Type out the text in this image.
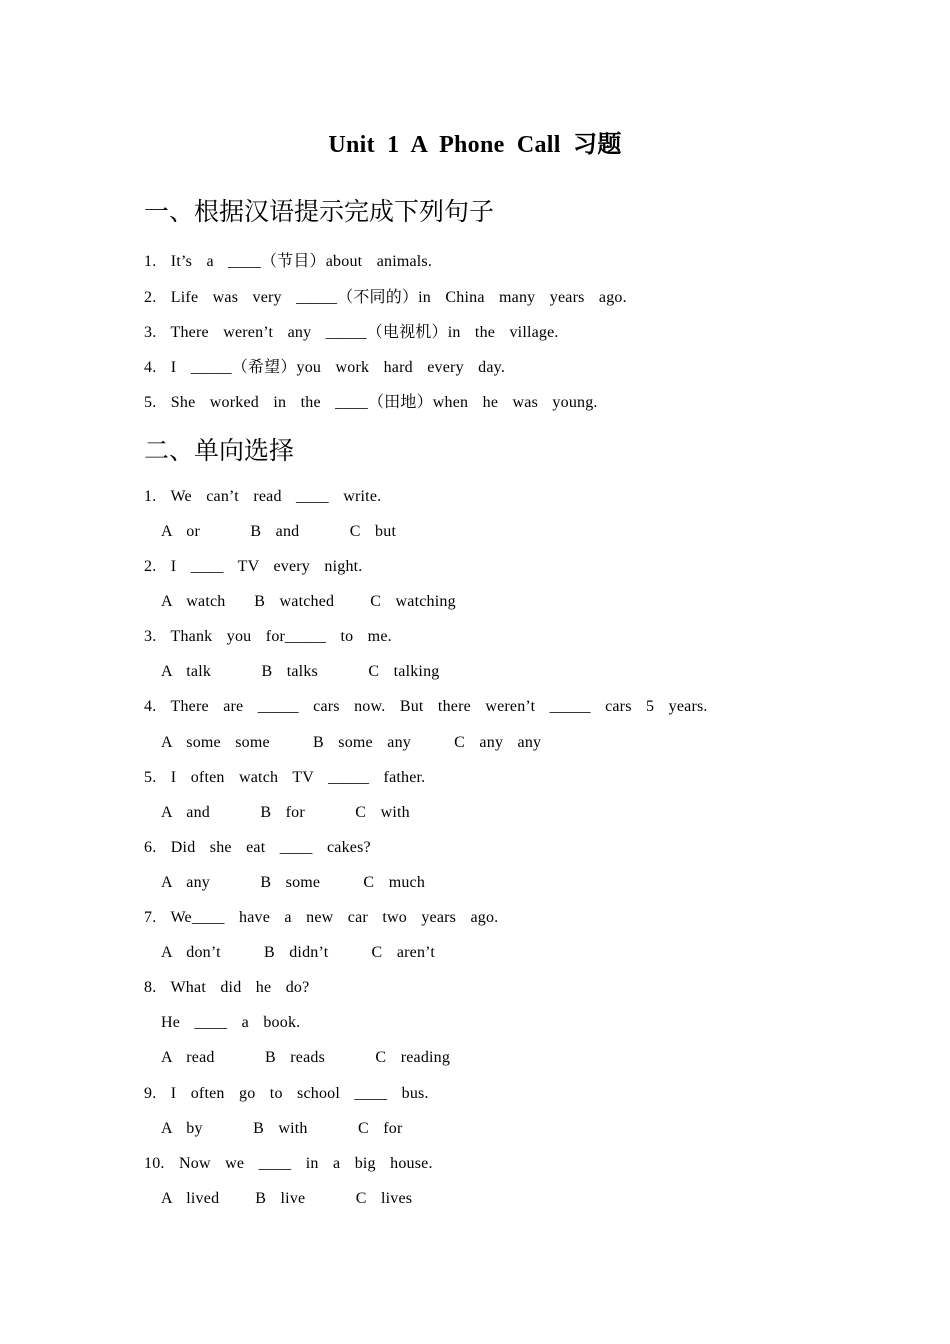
Unit 1 A Phone Call 习题
一、根据汉语提示完成下列句子

1.  It’s  a  ____（节目）about  animals.

2.  Life  was  very  _____（不同的）in  China  many  years  ago.

3.  There  weren’t  any  _____（电视机）in  the  village.

4.  I  _____（希望）you  work  hard  every  day.

5.  She  worked  in  the  ____（田地）when  he  was  young.

二、单向选择

1.  We  can’t  read  ____  write.

A  or       B  and       C  but

2.  I  ____  TV  every  night.

A  watch    B  watched     C  watching

3.  Thank  you  for_____  to  me.

A  talk       B  talks       C  talking

4.  There  are  _____  cars  now.  But  there  weren’t  _____  cars  5  years.

A  some  some      B  some  any      C  any  any

5.  I  often  watch  TV  _____  father.

A  and       B  for       C  with

6.  Did  she  eat  ____  cakes?

A  any       B  some      C  much

7.  We____  have  a  new  car  two  years  ago.

A  don’t      B  didn’t      C  aren’t

8.  What  did  he  do?

He  ____  a  book.

A  read       B  reads       C  reading

9.  I  often  go  to  school  ____  bus.

A  by       B  with       C  for

10.  Now  we  ____  in  a  big  house.

A  lived     B  live       C  lives
